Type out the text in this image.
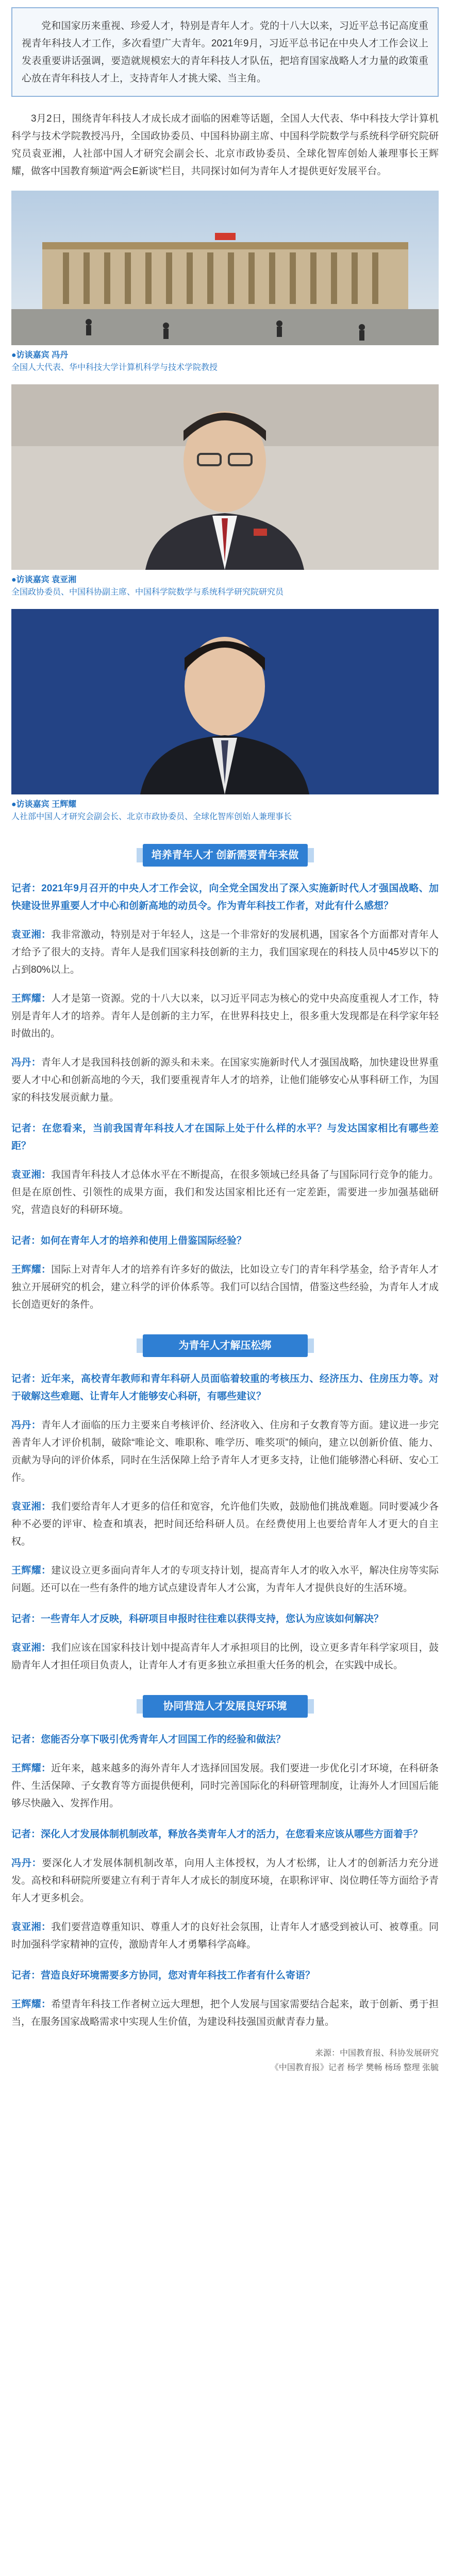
党和国家历来重视、珍爱人才，特别是青年人才。党的十八大以来，习近平总书记高度重视青年科技人才工作，多次看望广大青年。2021年9月，习近平总书记在中央人才工作会议上发表重要讲话强调，要造就规模宏大的青年科技人才队伍，把培育国家战略人才力量的政策重心放在青年科技人才上，支持青年人才挑大梁、当主角。

3月2日，围绕青年科技人才成长成才面临的困难等话题，全国人大代表、华中科技大学计算机科学与技术学院教授冯丹，全国政协委员、中国科协副主席、中国科学院数学与系统科学研究院研究员袁亚湘，人社部中国人才研究会副会长、北京市政协委员、全球化智库创始人兼理事长王辉耀，做客中国教育频道“两会E新谈”栏目，共同探讨如何为青年人才提供更好发展平台。

●访谈嘉宾 冯丹
全国人大代表、华中科技大学计算机科学与技术学院教授
●访谈嘉宾 袁亚湘
全国政协委员、中国科协副主席、中国科学院数学与系统科学研究院研究员
●访谈嘉宾 王辉耀
人社部中国人才研究会副会长、北京市政协委员、全球化智库创始人兼理事长
培养青年人才 创新需要青年来做

记者：2021年9月召开的中央人才工作会议，向全党全国发出了深入实施新时代人才强国战略、加快建设世界重要人才中心和创新高地的动员令。作为青年科技工作者，对此有什么感想？

袁亚湘：我非常激动，特别是对于年轻人，这是一个非常好的发展机遇，国家各个方面都对青年人才给予了很大的支持。青年人是我们国家科技创新的主力，我们国家现在的科技人员中45岁以下的占到80%以上。

王辉耀：人才是第一资源。党的十八大以来，以习近平同志为核心的党中央高度重视人才工作，特别是青年人才的培养。青年人是创新的主力军，在世界科技史上，很多重大发现都是在科学家年轻时做出的。

冯丹：青年人才是我国科技创新的源头和未来。在国家实施新时代人才强国战略，加快建设世界重要人才中心和创新高地的今天，我们要重视青年人才的培养，让他们能够安心从事科研工作，为国家的科技发展贡献力量。

记者：在您看来，当前我国青年科技人才在国际上处于什么样的水平？与发达国家相比有哪些差距？

袁亚湘：我国青年科技人才总体水平在不断提高，在很多领域已经具备了与国际同行竞争的能力。但是在原创性、引领性的成果方面，我们和发达国家相比还有一定差距，需要进一步加强基础研究，营造良好的科研环境。

记者：如何在青年人才的培养和使用上借鉴国际经验？

王辉耀：国际上对青年人才的培养有许多好的做法，比如设立专门的青年科学基金，给予青年人才独立开展研究的机会，建立科学的评价体系等。我们可以结合国情，借鉴这些经验，为青年人才成长创造更好的条件。

为青年人才解压松绑

记者：近年来，高校青年教师和青年科研人员面临着较重的考核压力、经济压力、住房压力等。对于破解这些难题、让青年人才能够安心科研，有哪些建议？

冯丹：青年人才面临的压力主要来自考核评价、经济收入、住房和子女教育等方面。建议进一步完善青年人才评价机制，破除“唯论文、唯职称、唯学历、唯奖项”的倾向，建立以创新价值、能力、贡献为导向的评价体系，同时在生活保障上给予青年人才更多支持，让他们能够潜心科研、安心工作。

袁亚湘：我们要给青年人才更多的信任和宽容，允许他们失败，鼓励他们挑战难题。同时要减少各种不必要的评审、检查和填表，把时间还给科研人员。在经费使用上也要给青年人才更大的自主权。

王辉耀：建议设立更多面向青年人才的专项支持计划，提高青年人才的收入水平，解决住房等实际问题。还可以在一些有条件的地方试点建设青年人才公寓，为青年人才提供良好的生活环境。

记者：一些青年人才反映，科研项目申报时往往难以获得支持，您认为应该如何解决？

袁亚湘：我们应该在国家科技计划中提高青年人才承担项目的比例，设立更多青年科学家项目，鼓励青年人才担任项目负责人，让青年人才有更多独立承担重大任务的机会，在实践中成长。

协同营造人才发展良好环境

记者：您能否分享下吸引优秀青年人才回国工作的经验和做法？

王辉耀：近年来，越来越多的海外青年人才选择回国发展。我们要进一步优化引才环境，在科研条件、生活保障、子女教育等方面提供便利，同时完善国际化的科研管理制度，让海外人才回国后能够尽快融入、发挥作用。

记者：深化人才发展体制机制改革，释放各类青年人才的活力，在您看来应该从哪些方面着手？

冯丹：要深化人才发展体制机制改革，向用人主体授权，为人才松绑，让人才的创新活力充分迸发。高校和科研院所要建立有利于青年人才成长的制度环境，在职称评审、岗位聘任等方面给予青年人才更多机会。

袁亚湘：我们要营造尊重知识、尊重人才的良好社会氛围，让青年人才感受到被认可、被尊重。同时加强科学家精神的宣传，激励青年人才勇攀科学高峰。

记者：营造良好环境需要多方协同，您对青年科技工作者有什么寄语？

王辉耀：希望青年科技工作者树立远大理想，把个人发展与国家需要结合起来，敢于创新、勇于担当，在服务国家战略需求中实现人生价值，为建设科技强国贡献青春力量。

来源：中国教育报、科协发展研究
《中国教育报》记者 杨学 樊畅 杨玚 整理 张毓
